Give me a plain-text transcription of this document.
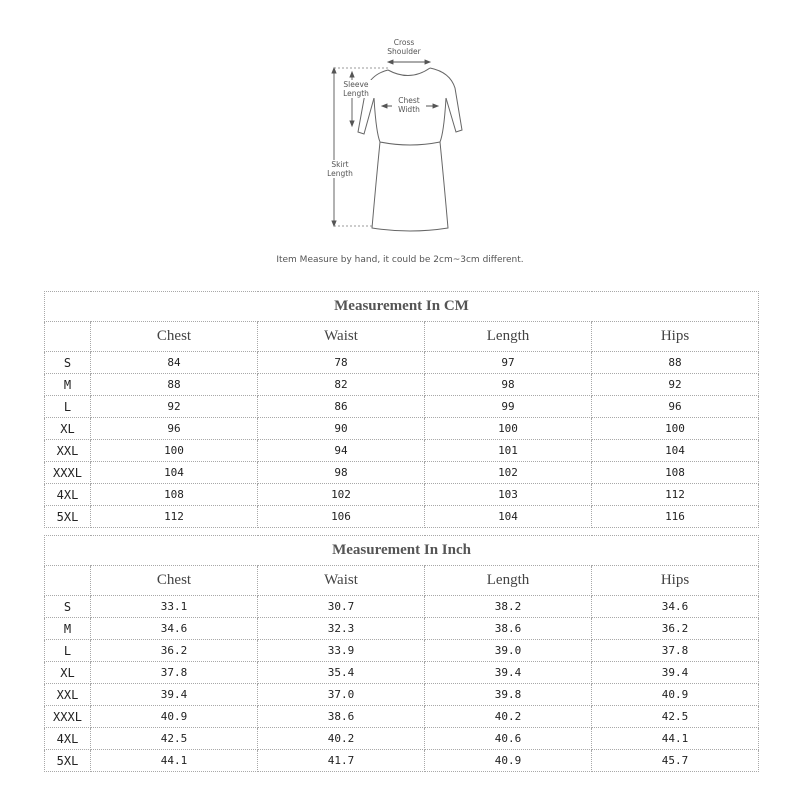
Cross
Shoulder
Sleeve
Length
Chest
Width
Skirt
Length
Item Measure by hand, it could be 2cm~3cm different.
Measurement In CM				
	Chest	Waist	Length	Hips
S	84	78	97	88
M	88	82	98	92
L	92	86	99	96
XL	96	90	100	100
XXL	100	94	101	104
XXXL	104	98	102	108
4XL	108	102	103	112
5XL	112	106	104	116
Measurement In Inch				
	Chest	Waist	Length	Hips
S	33.1	30.7	38.2	34.6
M	34.6	32.3	38.6	36.2
L	36.2	33.9	39.0	37.8
XL	37.8	35.4	39.4	39.4
XXL	39.4	37.0	39.8	40.9
XXXL	40.9	38.6	40.2	42.5
4XL	42.5	40.2	40.6	44.1
5XL	44.1	41.7	40.9	45.7
